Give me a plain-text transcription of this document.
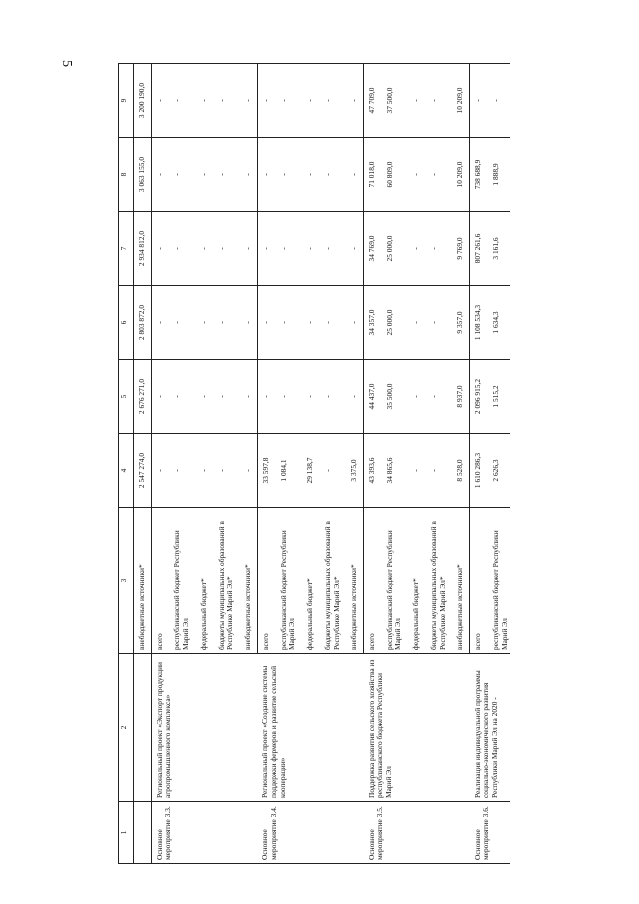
5
1	2	3	4	5	6	7	8	9
		внебюджетные источники*	2 547 274,0	2 676 271,0	2 803 872,0	2 934 812,0	3 063 155,0	3 200 190,0
Основное мероприятие 3.3.	Региональный проект «Экспорт продукции агропромышленного комплекса»	всего	-	-	-	-	-	-
		республиканский бюджет Республики Марий Эл	-	-	-	-	-	-
		федеральный бюджет*	-	-	-	-	-	-
		бюджеты муниципальных образований в Республике Марий Эл*	-	-	-	-	-	-
		внебюджетные источники*	-	-	-	-	-	-
Основное мероприятие 3.4.	Региональный проект «Создание системы поддержки фермеров и развитие сельской кооперации»	всего	33 597,8	-	-	-	-	-
		республиканский бюджет Республики Марий Эл	1 084,1	-	-	-	-	-
		федеральный бюджет*	29 138,7	-	-	-	-	-
		бюджеты муниципальных образований в Республике Марий Эл*	-	-	-	-	-	-
		внебюджетные источники*	3 375,0	-	-	-	-	-
Основное мероприятие 3.5.	Поддержка развития сельского хозяйства из республиканского бюджета Республики Марий Эл	всего	43 393,6	44 437,0	34 357,0	34 769,0	71 018,0	47 709,0
		республиканский бюджет Республики Марий Эл	34 865,6	35 500,0	25 000,0	25 000,0	60 809,0	37 500,0
		федеральный бюджет*	-	-	-	-	-	-
		бюджеты муниципальных образований в Республике Марий Эл*	-	-	-	-	-	-
		внебюджетные источники*	8 528,0	8 937,0	9 357,0	9 769,0	10 209,0	10 209,0
Основное мероприятие 3.6.	Реализация индивидуальной программы социально-экономического развития Республики Марий Эл на 2020 -	всего	1 610 286,3	2 096 915,2	1 108 534,3	807 261,6	738 688,9	-
		республиканский бюджет Республики Марий Эл	2 626,3	1 515,2	1 634,3	3 161,6	1 888,9	-
